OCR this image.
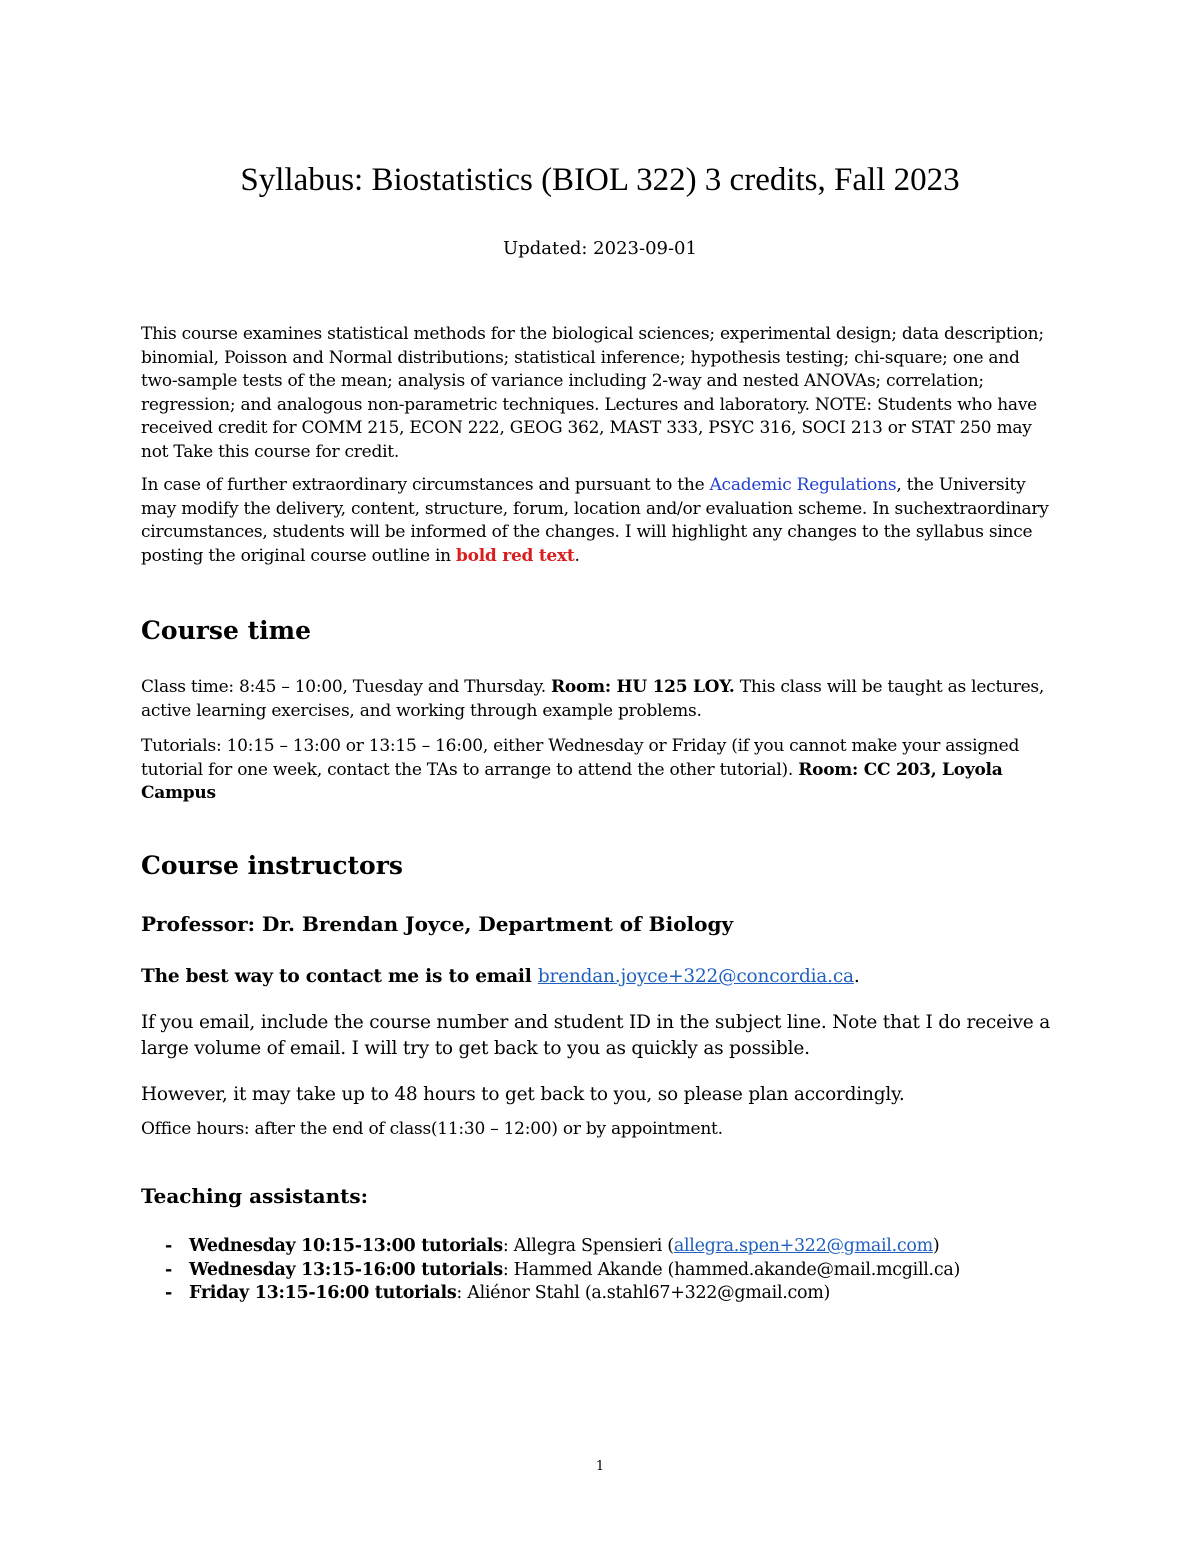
Syllabus: Biostatistics (BIOL 322) 3 credits, Fall 2023
Updated: 2023-09-01

This course examines statistical methods for the biological sciences; experimental design; data description; binomial, Poisson and Normal distributions; statistical inference; hypothesis testing; chi-square; one and two-sample tests of the mean; analysis of variance including 2-way and nested ANOVAs; correlation; regression; and analogous non-parametric techniques. Lectures and laboratory. NOTE: Students who have received credit for COMM 215, ECON 222, GEOG 362, MAST 333, PSYC 316, SOCI 213 or STAT 250 may not Take this course for credit.

In case of further extraordinary circumstances and pursuant to the Academic Regulations, the University may modify the delivery, content, structure, forum, location and/or evaluation scheme. In suchextraordinary circumstances, students will be informed of the changes. I will highlight any changes to the syllabus since posting the original course outline in bold red text.

Course time

Class time: 8:45 – 10:00, Tuesday and Thursday. Room: HU 125 LOY. This class will be taught as lectures, active learning exercises, and working through example problems.

Tutorials: 10:15 – 13:00 or 13:15 – 16:00, either Wednesday or Friday (if you cannot make your assigned tutorial for one week, contact the TAs to arrange to attend the other tutorial). Room: CC 203, Loyola Campus

Course instructors
Professor: Dr. Brendan Joyce, Department of Biology

The best way to contact me is to email brendan.joyce+322@concordia.ca.

If you email, include the course number and student ID in the subject line. Note that I do receive a large volume of email. I will try to get back to you as quickly as possible.

However, it may take up to 48 hours to get back to you, so please plan accordingly.

Office hours: after the end of class(11:30 – 12:00) or by appointment.

Teaching assistants:
- Wednesday 10:15-13:00 tutorials: Allegra Spensieri (allegra.spen+322@gmail.com)
- Wednesday 13:15-16:00 tutorials: Hammed Akande (hammed.akande@mail.mcgill.ca)
- Friday 13:15-16:00 tutorials: Aliénor Stahl (a.stahl67+322@gmail.com)
1
